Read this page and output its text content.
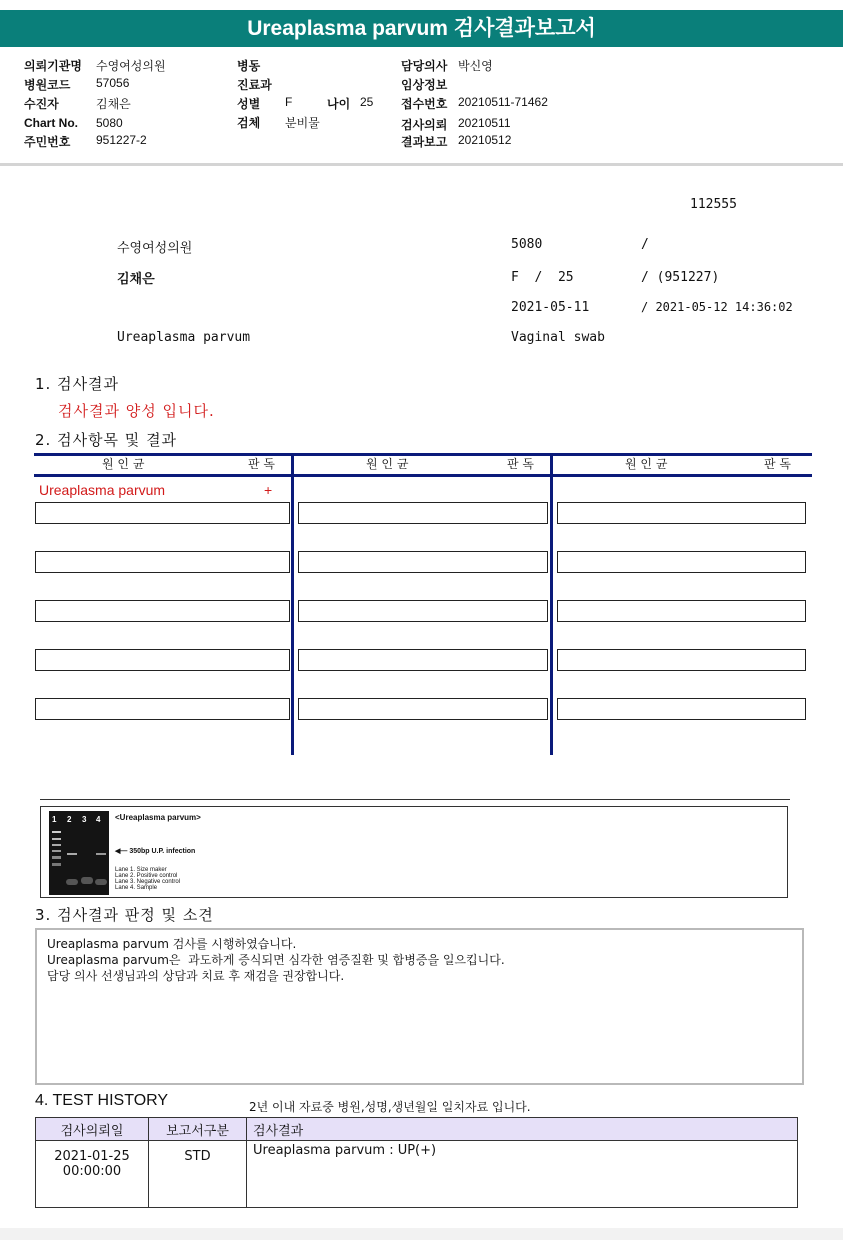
Ureaplasma parvum 검사결과보고서
의뢰기관명 수영여성의원
병원코드 57056
수진자	김채은
Chart No. 5080
주민번호 951227-2
병동
진료과
성별 F	나이 25
검체 분비물
담당의사 박신영
임상정보
접수번호 20210511-71462
검사의뢰 20210511
결과보고 20210512
112555
수영여성의원	5080	/
김채은	F  /  25	/ (951227)
2021-05-11	/ 2021-05-12 14:36:02
Ureaplasma parvum	Vaginal swab
1. 검사결과
검사결과 양성 입니다.
2. 검사항목 및 결과
원 인 균	판 독	원 인 균	판 독	원 인 균	판 독
Ureaplasma parvum	+
1 2 3 4 <Ureaplasma parvum>
◀— 350bp U.P. infection
Lane 1. Size maker
Lane 2. Positive control
Lane 3. Negative control
Lane 4. Sample
3. 검사결과 판정 및 소견
Ureaplasma parvum 검사를 시행하였습니다.
Ureaplasma parvum은  과도하게 증식되면 심각한 염증질환 및 합병증을 일으킵니다.
담당 의사 선생님과의 상담과 치료 후 재검을 권장합니다.
4. TEST HISTORY	2년 이내 자료중 병원,성명,생년월일 일치자료 입니다.
검사의뢰일	보고서구분	검사결과

2021-01-25
00:00:00	STD	Ureaplasma parvum : UP(+)
